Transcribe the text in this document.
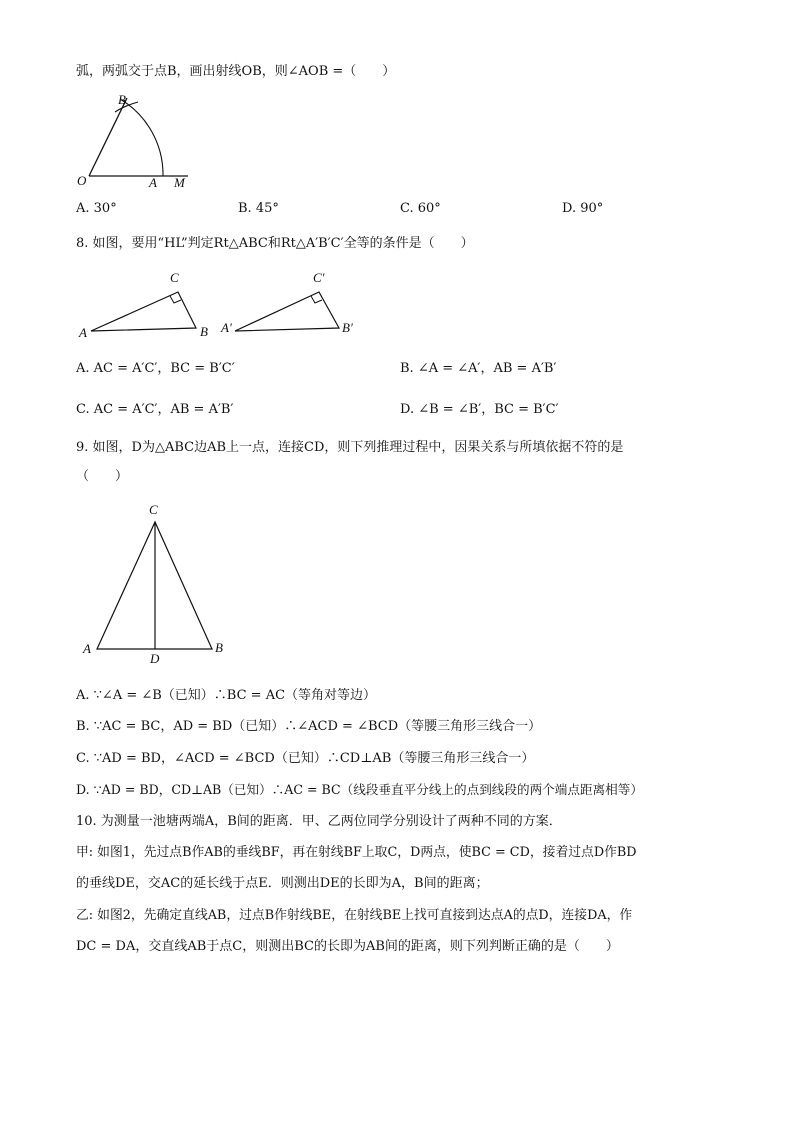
弧，两弧交于点B，画出射线OB，则∠AOB =（　　）
B
O	A M
A. 30°	B. 45°	C. 60°	D. 90°
8. 如图，要用“HL”判定Rt△ABC和Rt△A′B′C′全等的条件是（　　）
C
A	B
C′
A′	B′
A. AC = A′C′，BC = B′C′	B. ∠A = ∠A′，AB = A′B′
C. AC = A′C′，AB = A′B′	D. ∠B = ∠B′，BC = B′C′
9. 如图，D为△ABC边AB上一点，连接CD，则下列推理过程中，因果关系与所填依据不符的是
（　　）
C
A	B
D
A. ∵∠A = ∠B（已知）∴BC = AC（等角对等边）
B. ∵AC = BC，AD = BD（已知）∴∠ACD = ∠BCD（等腰三角形三线合一）
C. ∵AD = BD，∠ACD = ∠BCD（已知）∴CD⊥AB（等腰三角形三线合一）
D. ∵AD = BD，CD⊥AB（已知）∴AC = BC（线段垂直平分线上的点到线段的两个端点距离相等）
10. 为测量一池塘两端A，B间的距离．甲、乙两位同学分别设计了两种不同的方案．
甲: 如图1，先过点B作AB的垂线BF，再在射线BF上取C，D两点，使BC = CD，接着过点D作BD
的垂线DE，交AC的延长线于点E．则测出DE的长即为A，B间的距离；
乙: 如图2，先确定直线AB，过点B作射线BE，在射线BE上找可直接到达点A的点D，连接DA，作
DC = DA，交直线AB于点C，则测出BC的长即为AB间的距离，则下列判断正确的是（　　）
